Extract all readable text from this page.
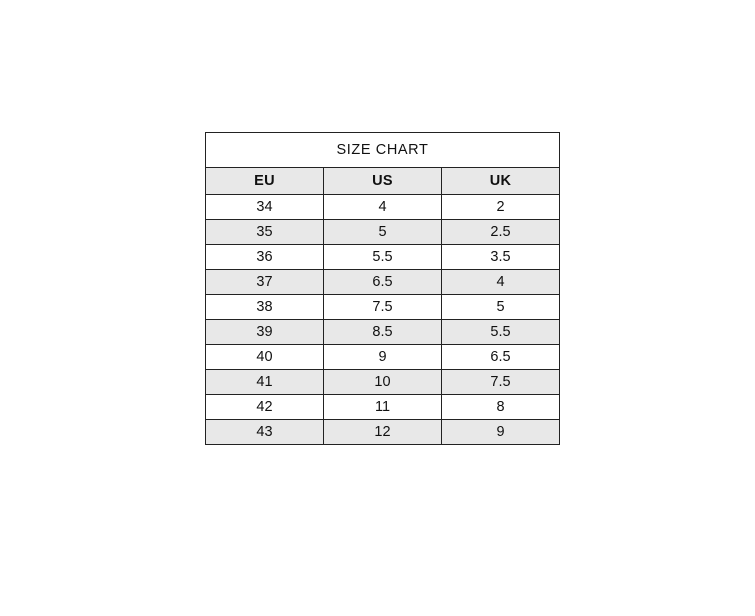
SIZE CHART		
EU	US	UK
34	4	2
35	5	2.5
36	5.5	3.5
37	6.5	4
38	7.5	5
39	8.5	5.5
40	9	6.5
41	10	7.5
42	11	8
43	12	9
